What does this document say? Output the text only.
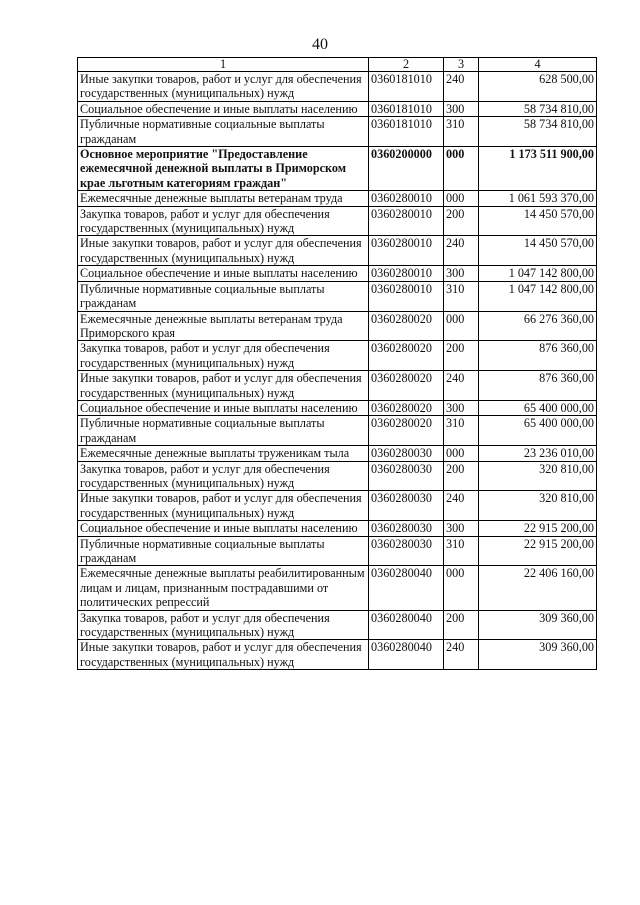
40
1	2	3	4
Иные закупки товаров, работ и услуг для обеспечения государственных (муниципальных) нужд	0360181010	240	628 500,00
Социальное обеспечение и иные выплаты населению	0360181010	300	58 734 810,00
Публичные нормативные социальные выплаты гражданам	0360181010	310	58 734 810,00
Основное мероприятие "Предоставление ежемесячной денежной выплаты в Приморском крае льготным категориям граждан"	0360200000	000	1 173 511 900,00
Ежемесячные денежные выплаты ветеранам труда	0360280010	000	1 061 593 370,00
Закупка товаров, работ и услуг для обеспечения государственных (муниципальных) нужд	0360280010	200	14 450 570,00
Иные закупки товаров, работ и услуг для обеспечения государственных (муниципальных) нужд	0360280010	240	14 450 570,00
Социальное обеспечение и иные выплаты населению	0360280010	300	1 047 142 800,00
Публичные нормативные социальные выплаты гражданам	0360280010	310	1 047 142 800,00
Ежемесячные денежные выплаты ветеранам труда Приморского края	0360280020	000	66 276 360,00
Закупка товаров, работ и услуг для обеспечения государственных (муниципальных) нужд	0360280020	200	876 360,00
Иные закупки товаров, работ и услуг для обеспечения государственных (муниципальных) нужд	0360280020	240	876 360,00
Социальное обеспечение и иные выплаты населению	0360280020	300	65 400 000,00
Публичные нормативные социальные выплаты гражданам	0360280020	310	65 400 000,00
Ежемесячные денежные выплаты труженикам тыла	0360280030	000	23 236 010,00
Закупка товаров, работ и услуг для обеспечения государственных (муниципальных) нужд	0360280030	200	320 810,00
Иные закупки товаров, работ и услуг для обеспечения государственных (муниципальных) нужд	0360280030	240	320 810,00
Социальное обеспечение и иные выплаты населению	0360280030	300	22 915 200,00
Публичные нормативные социальные выплаты гражданам	0360280030	310	22 915 200,00
Ежемесячные денежные выплаты реабилитированным лицам и лицам, признанным пострадавшими от политических репрессий	0360280040	000	22 406 160,00
Закупка товаров, работ и услуг для обеспечения государственных (муниципальных) нужд	0360280040	200	309 360,00
Иные закупки товаров, работ и услуг для обеспечения государственных (муниципальных) нужд	0360280040	240	309 360,00
